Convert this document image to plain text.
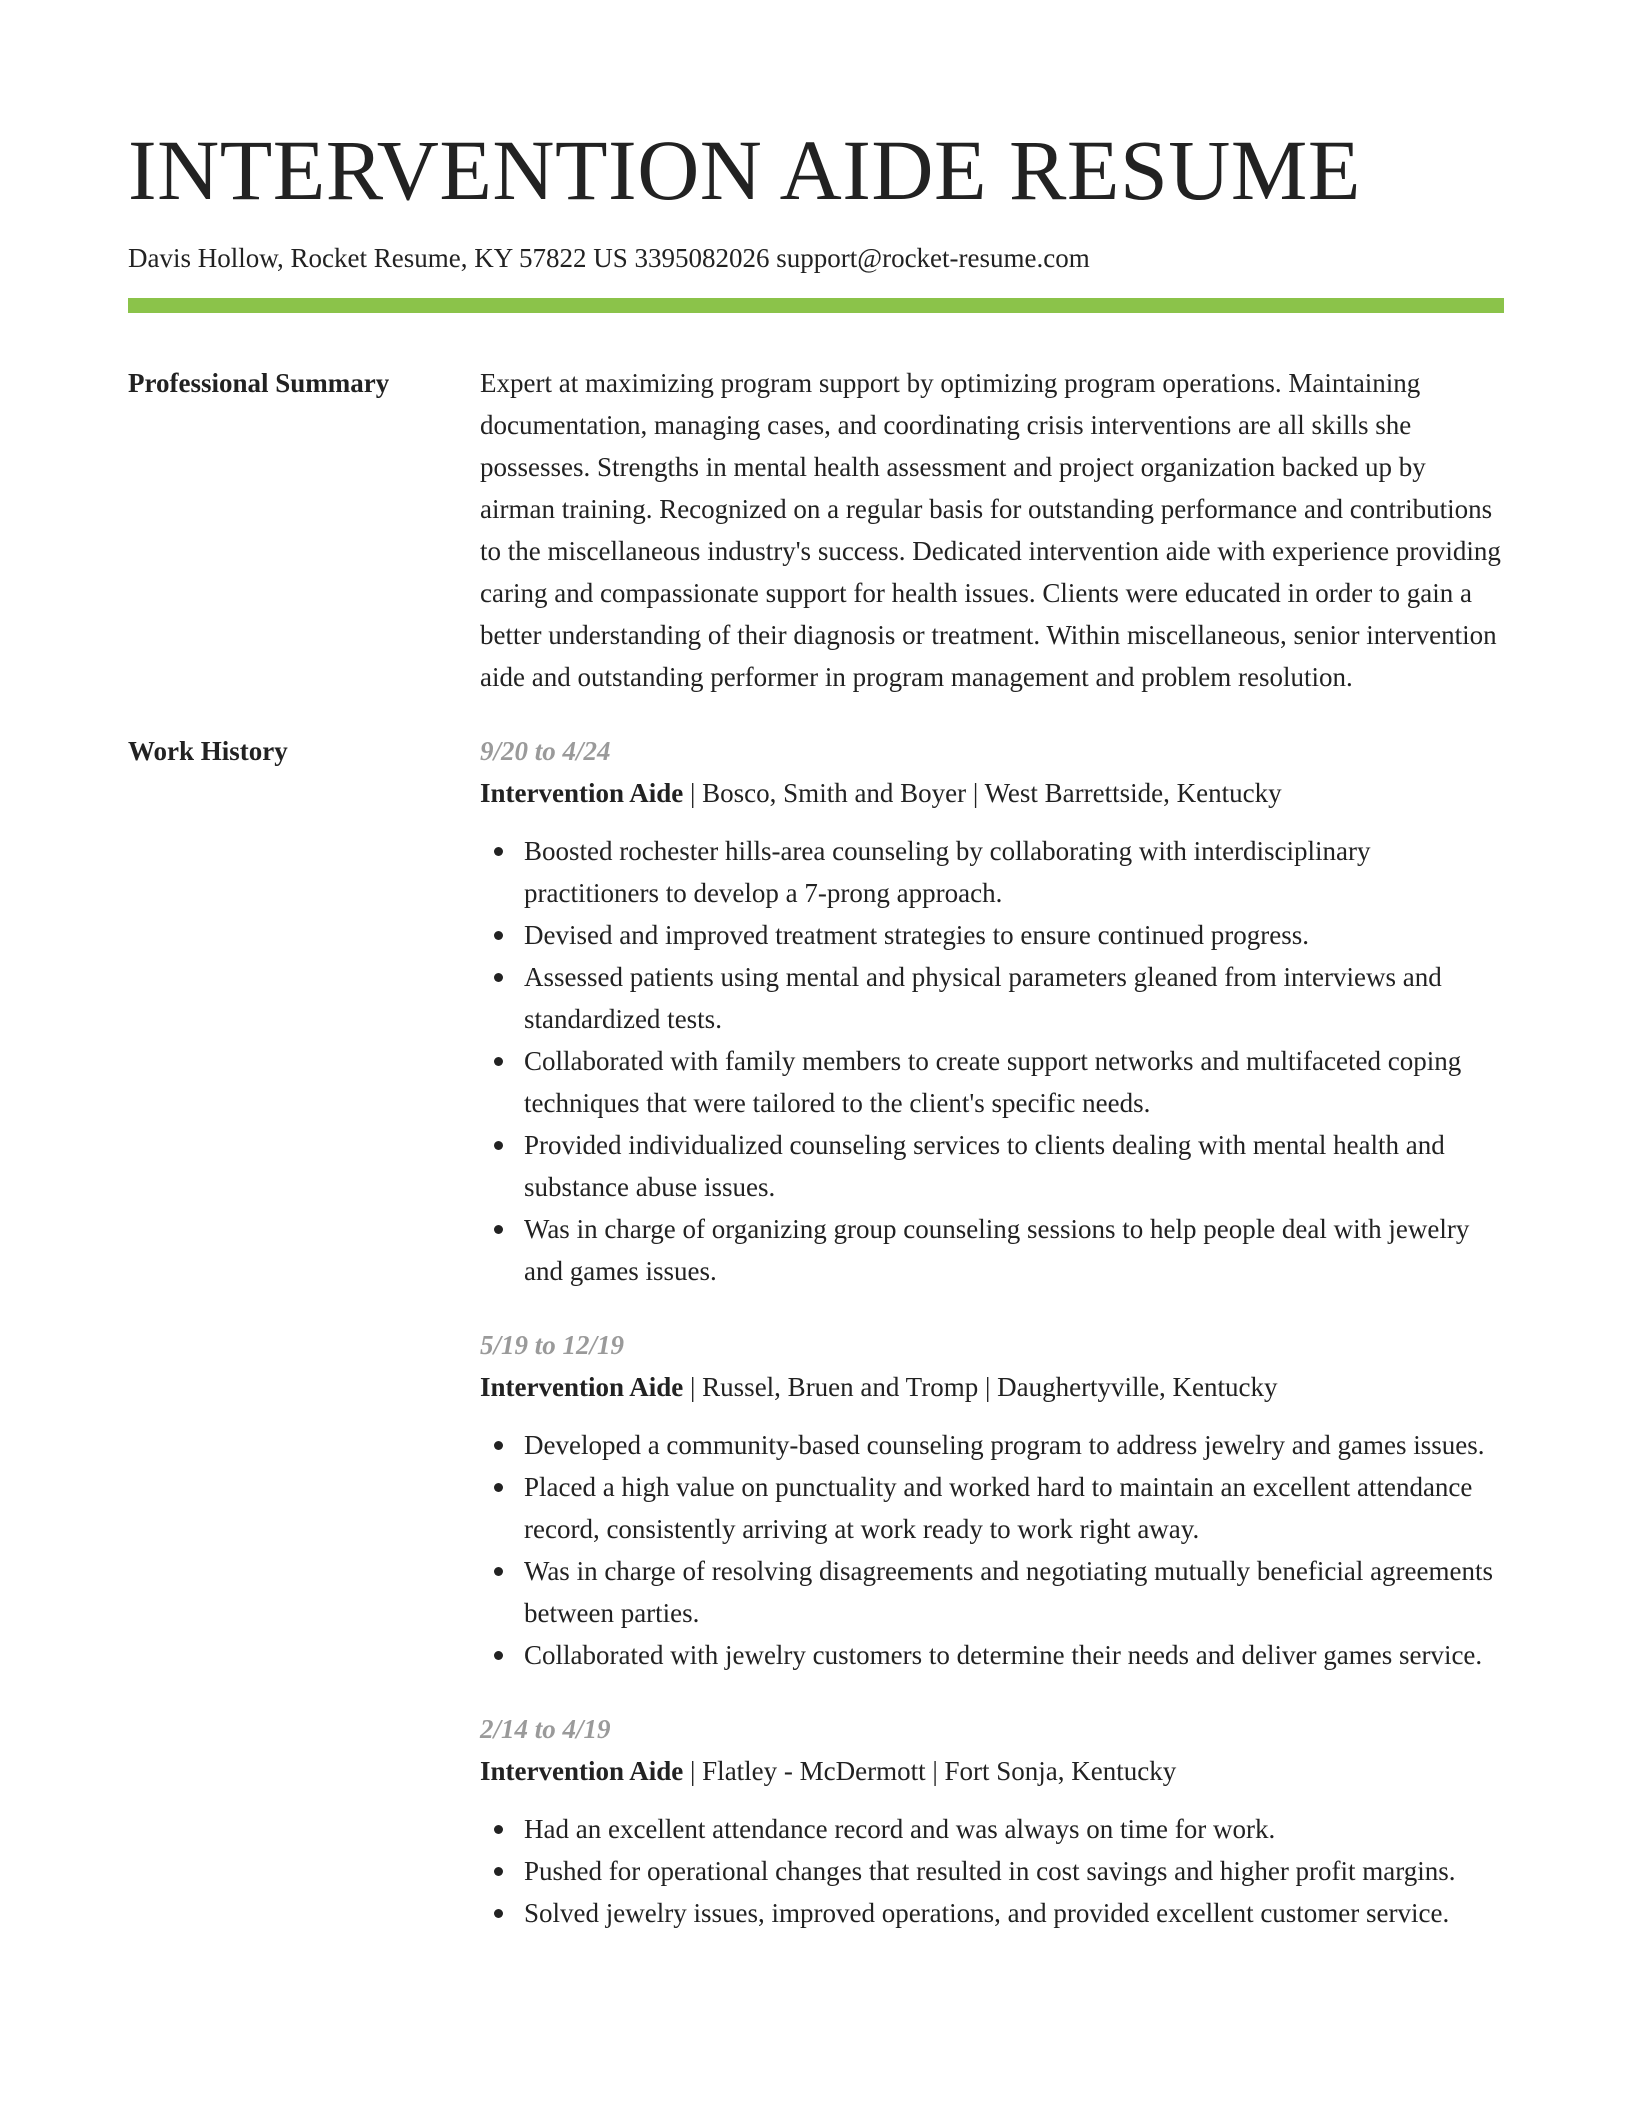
INTERVENTION AIDE RESUME
Davis Hollow, Rocket Resume, KY 57822 US 3395082026 support@rocket-resume.com
Professional Summary	Expert at maximizing program support by optimizing program operations. Maintaining documentation, managing cases, and coordinating crisis interventions are all skills she possesses. Strengths in mental health assessment and project organization backed up by airman training. Recognized on a regular basis for outstanding performance and contributions to the miscellaneous industry's success. Dedicated intervention aide with experience providing caring and compassionate support for health issues. Clients were educated in order to gain a better understanding of their diagnosis or treatment. Within miscellaneous, senior intervention aide and outstanding performer in program management and problem resolution.
Work History	9/20 to 4/24
Intervention Aide | Bosco, Smith and Boyer | West Barrettside, Kentucky
Boosted rochester hills-area counseling by collaborating with interdisciplinary practitioners to develop a 7-prong approach.
Devised and improved treatment strategies to ensure continued progress.
Assessed patients using mental and physical parameters gleaned from interviews and standardized tests.
Collaborated with family members to create support networks and multifaceted coping techniques that were tailored to the client's specific needs.
Provided individualized counseling services to clients dealing with mental health and substance abuse issues.
Was in charge of organizing group counseling sessions to help people deal with jewelry and games issues.
5/19 to 12/19
Intervention Aide | Russel, Bruen and Tromp | Daughertyville, Kentucky
Developed a community-based counseling program to address jewelry and games issues.
Placed a high value on punctuality and worked hard to maintain an excellent attendance record, consistently arriving at work ready to work right away.
Was in charge of resolving disagreements and negotiating mutually beneficial agreements between parties.
Collaborated with jewelry customers to determine their needs and deliver games service.
2/14 to 4/19
Intervention Aide | Flatley - McDermott | Fort Sonja, Kentucky
Had an excellent attendance record and was always on time for work.
Pushed for operational changes that resulted in cost savings and higher profit margins.
Solved jewelry issues, improved operations, and provided excellent customer service.
